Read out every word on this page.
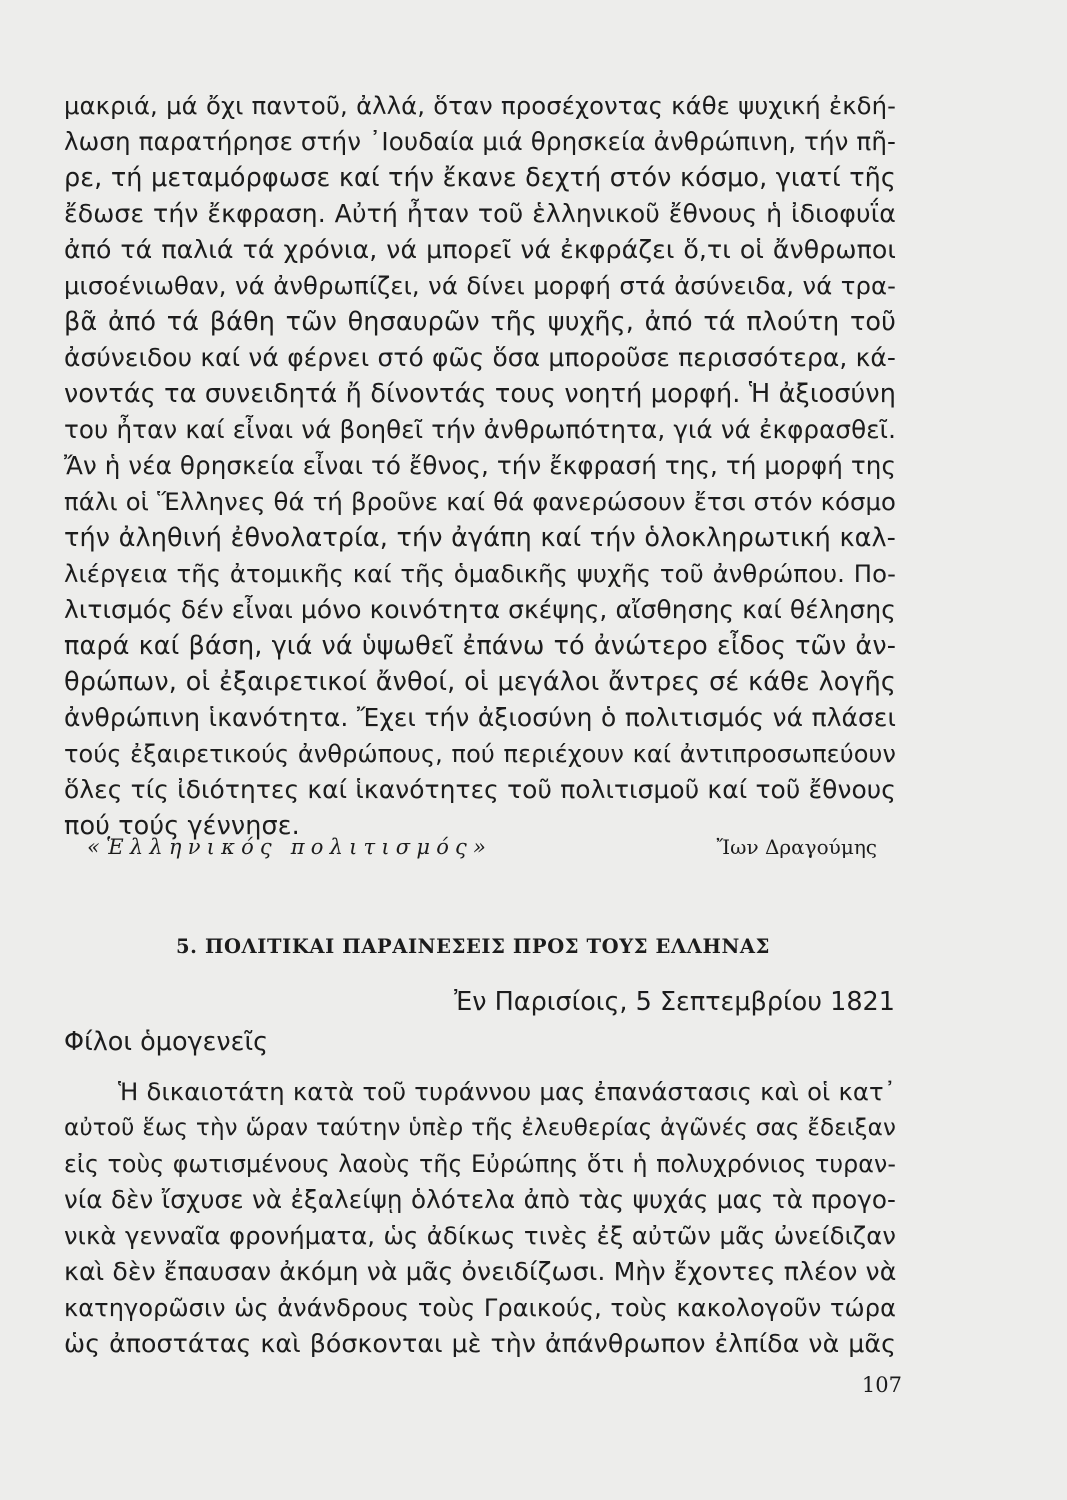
μακριά, μά ὄχι παντοῦ, ἀλλά, ὅταν προσέχοντας κάθε ψυχική ἐκδή-
λωση παρατήρησε στήν ᾽Ιουδαία μιά θρησκεία ἀνθρώπινη, τήν πῆ-
ρε, τή μεταμόρφωσε καί τήν ἔκανε δεχτή στόν κόσμο, γιατί τῆς
ἔδωσε τήν ἔκφραση. Αὐτή ἦταν τοῦ ἑλληνικοῦ ἔθνους ἡ ἰδιοφυΐα
ἀπό τά παλιά τά χρόνια, νά μπορεῖ νά ἐκφράζει ὅ,τι οἱ ἄνθρωποι
μισοένιωθαν, νά ἀνθρωπίζει, νά δίνει μορφή στά ἀσύνειδα, νά τρα-
βᾶ ἀπό τά βάθη τῶν θησαυρῶν τῆς ψυχῆς, ἀπό τά πλούτη τοῦ
ἀσύνειδου καί νά φέρνει στό φῶς ὅσα μποροῦσε περισσότερα, κά-
νοντάς τα συνειδητά ἤ δίνοντάς τους νοητή μορφή. Ἡ ἀξιοσύνη
του ἦταν καί εἶναι νά βοηθεῖ τήν ἀνθρωπότητα, γιά νά ἐκφρασθεῖ.
Ἄν ἡ νέα θρησκεία εἶναι τό ἔθνος, τήν ἔκφρασή της, τή μορφή της
πάλι οἱ Ἕλληνες θά τή βροῦνε καί θά φανερώσουν ἔτσι στόν κόσμο
τήν ἀληθινή ἐθνολατρία, τήν ἀγάπη καί τήν ὁλοκληρωτική καλ-
λιέργεια τῆς ἀτομικῆς καί τῆς ὁμαδικῆς ψυχῆς τοῦ ἀνθρώπου. Πο-
λιτισμός δέν εἶναι μόνο κοινότητα σκέψης, αἴσθησης καί θέλησης
παρά καί βάση, γιά νά ὑψωθεῖ ἐπάνω τό ἀνώτερο εἶδος τῶν ἀν-
θρώπων, οἱ ἐξαιρετικοί ἄνθοί, οἱ μεγάλοι ἄντρες σέ κάθε λογῆς
ἀνθρώπινη ἱκανότητα. Ἔχει τήν ἀξιοσύνη ὁ πολιτισμός νά πλάσει
τούς ἐξαιρετικούς ἀνθρώπους, πού περιέχουν καί ἀντιπροσωπεύουν
ὅλες τίς ἰδιότητες καί ἱκανότητες τοῦ πολιτισμοῦ καί τοῦ ἔθνους
πού τούς γέννησε.
«Ἑλληνικός πολιτισμός»	Ἴων Δραγούμης
5. ΠΟΛΙΤΙΚΑΙ ΠΑΡΑΙΝΕΣΕΙΣ ΠΡΟΣ ΤΟΥΣ ΕΛΛΗΝΑΣ
Ἐν Παρισίοις, 5 Σεπτεμβρίου 1821
Φίλοι ὁμογενεῖς
Ἡ δικαιοτάτη κατὰ τοῦ τυράννου μας ἐπανάστασις καὶ οἱ κατ᾽
αὐτοῦ ἕως τὴν ὥραν ταύτην ὑπὲρ τῆς ἐλευθερίας ἀγῶνές σας ἔδειξαν
εἰς τοὺς φωτισμένους λαοὺς τῆς Εὐρώπης ὅτι ἡ πολυχρόνιος τυραν-
νία δὲν ἴσχυσε νὰ ἐξαλείψῃ ὁλότελα ἀπὸ τὰς ψυχάς μας τὰ προγο-
νικὰ γενναῖα φρονήματα, ὡς ἀδίκως τινὲς ἐξ αὐτῶν μᾶς ὠνείδιζαν
καὶ δὲν ἔπαυσαν ἀκόμη νὰ μᾶς ὀνειδίζωσι. Μὴν ἔχοντες πλέον νὰ
κατηγορῶσιν ὡς ἀνάνδρους τοὺς Γραικούς, τοὺς κακολογοῦν τώρα
ὡς ἀποστάτας καὶ βόσκονται μὲ τὴν ἀπάνθρωπον ἐλπίδα νὰ μᾶς
107
